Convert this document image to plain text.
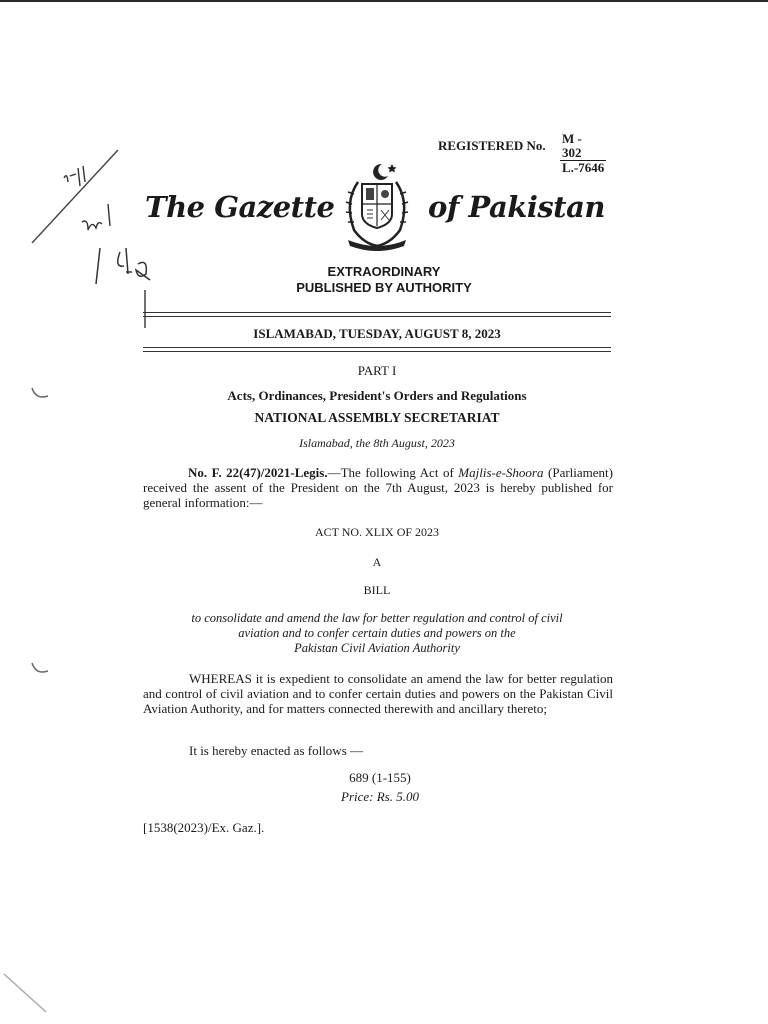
REGISTERED No. $\frac{M - 302}{L.-7646}$
The Gazette	of Pakistan
EXTRAORDINARY
PUBLISHED BY AUTHORITY
ISLAMABAD, TUESDAY, AUGUST 8, 2023
PART I
Acts, Ordinances, President's Orders and Regulations
NATIONAL ASSEMBLY SECRETARIAT
Islamabad, the 8th August, 2023
No. F. 22(47)/2021-Legis.—The following Act of Majlis-e-Shoora (Parliament) received the assent of the President on the 7th August, 2023 is hereby published for general information:—
ACT NO. XLIX OF 2023
A
BILL
to consolidate and amend the law for better regulation and control of civil
aviation and to confer certain duties and powers on the
Pakistan Civil Aviation Authority
WHEREAS it is expedient to consolidate an amend the law for better regulation and control of civil aviation and to confer certain duties and powers on the Pakistan Civil Aviation Authority, and for matters connected therewith and ancillary thereto;
It is hereby enacted as follows —
689 (1-155)
Price: Rs. 5.00
[1538(2023)/Ex. Gaz.].
